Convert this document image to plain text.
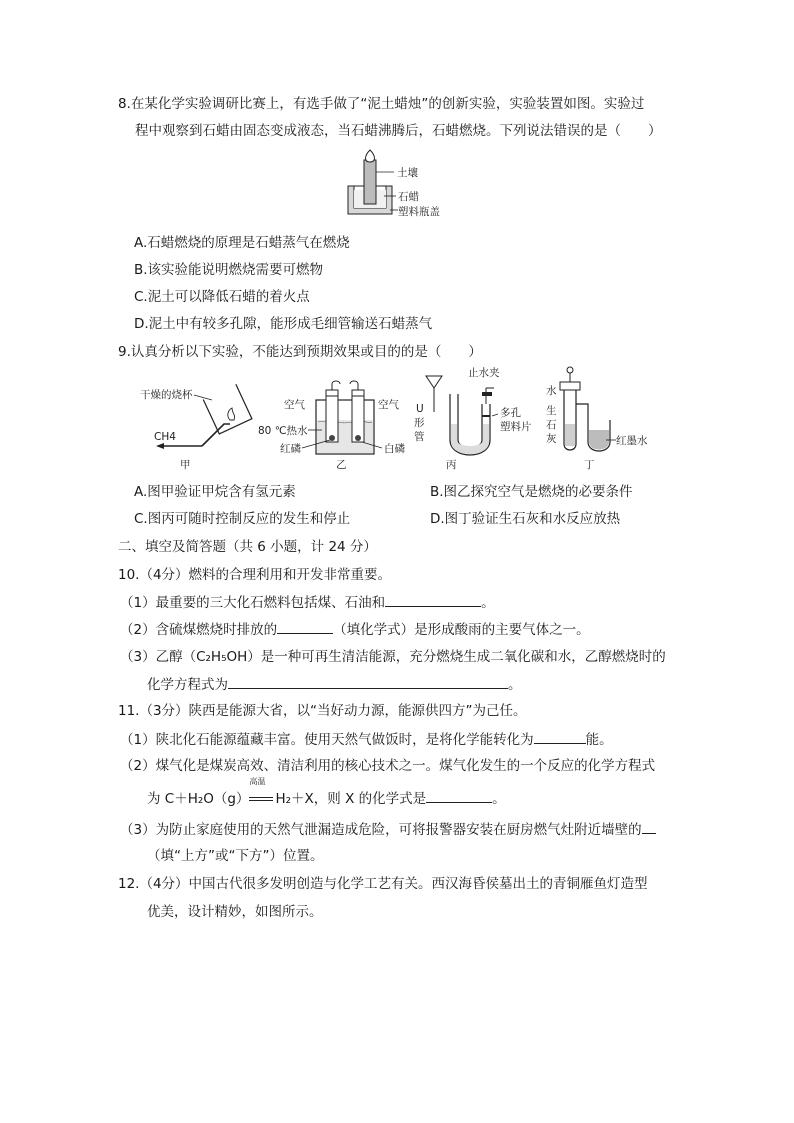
8.在某化学实验调研比赛上，有选手做了“泥土蜡烛”的创新实验，实验装置如图。实验过
程中观察到石蜡由固态变成液态，当石蜡沸腾后，石蜡燃烧。下列说法错误的是（　　）
土壤
石蜡
塑料瓶盖
A.石蜡燃烧的原理是石蜡蒸气在燃烧
B.该实验能说明燃烧需要可燃物
C.泥土可以降低石蜡的着火点
D.泥土中有较多孔隙，能形成毛细管输送石蜡蒸气
9.认真分析以下实验，不能达到预期效果或目的的是（　　）
干燥的烧杯
CH4
甲
空气	空气
80 ℃热水
红磷	白磷
乙
止水夹
U
形
管
多孔
塑料片
丙
水
生
石
灰	红墨水
丁
A.图甲验证甲烷含有氢元素	B.图乙探究空气是燃烧的必要条件
C.图丙可随时控制反应的发生和停止	D.图丁验证生石灰和水反应放热
二、填空及简答题（共 6 小题，计 24 分）
10.（4分）燃料的合理利用和开发非常重要。
（1）最重要的三大化石燃料包括煤、石油和	。
（2）含硫煤燃烧时排放的	（填化学式）是形成酸雨的主要气体之一。
（3）乙醇（C₂H₅OH）是一种可再生清洁能源，充分燃烧生成二氧化碳和水，乙醇燃烧时的
化学方程式为	。
11.（3分）陕西是能源大省，以“当好动力源，能源供四方”为己任。
（1）陕北化石能源蕴藏丰富。使用天然气做饭时，是将化学能转化为	能。
（2）煤气化是煤炭高效、清洁利用的核心技术之一。煤气化发生的一个反应的化学方程式
为 C＋H₂O（g）
高温
H₂＋X，则 X 的化学式是	。
（3）为防止家庭使用的天然气泄漏造成危险，可将报警器安装在厨房燃气灶附近墙壁的
（填“上方”或“下方”）位置。
12.（4分）中国古代很多发明创造与化学工艺有关。西汉海昏侯墓出土的青铜雁鱼灯造型
优美，设计精妙，如图所示。
